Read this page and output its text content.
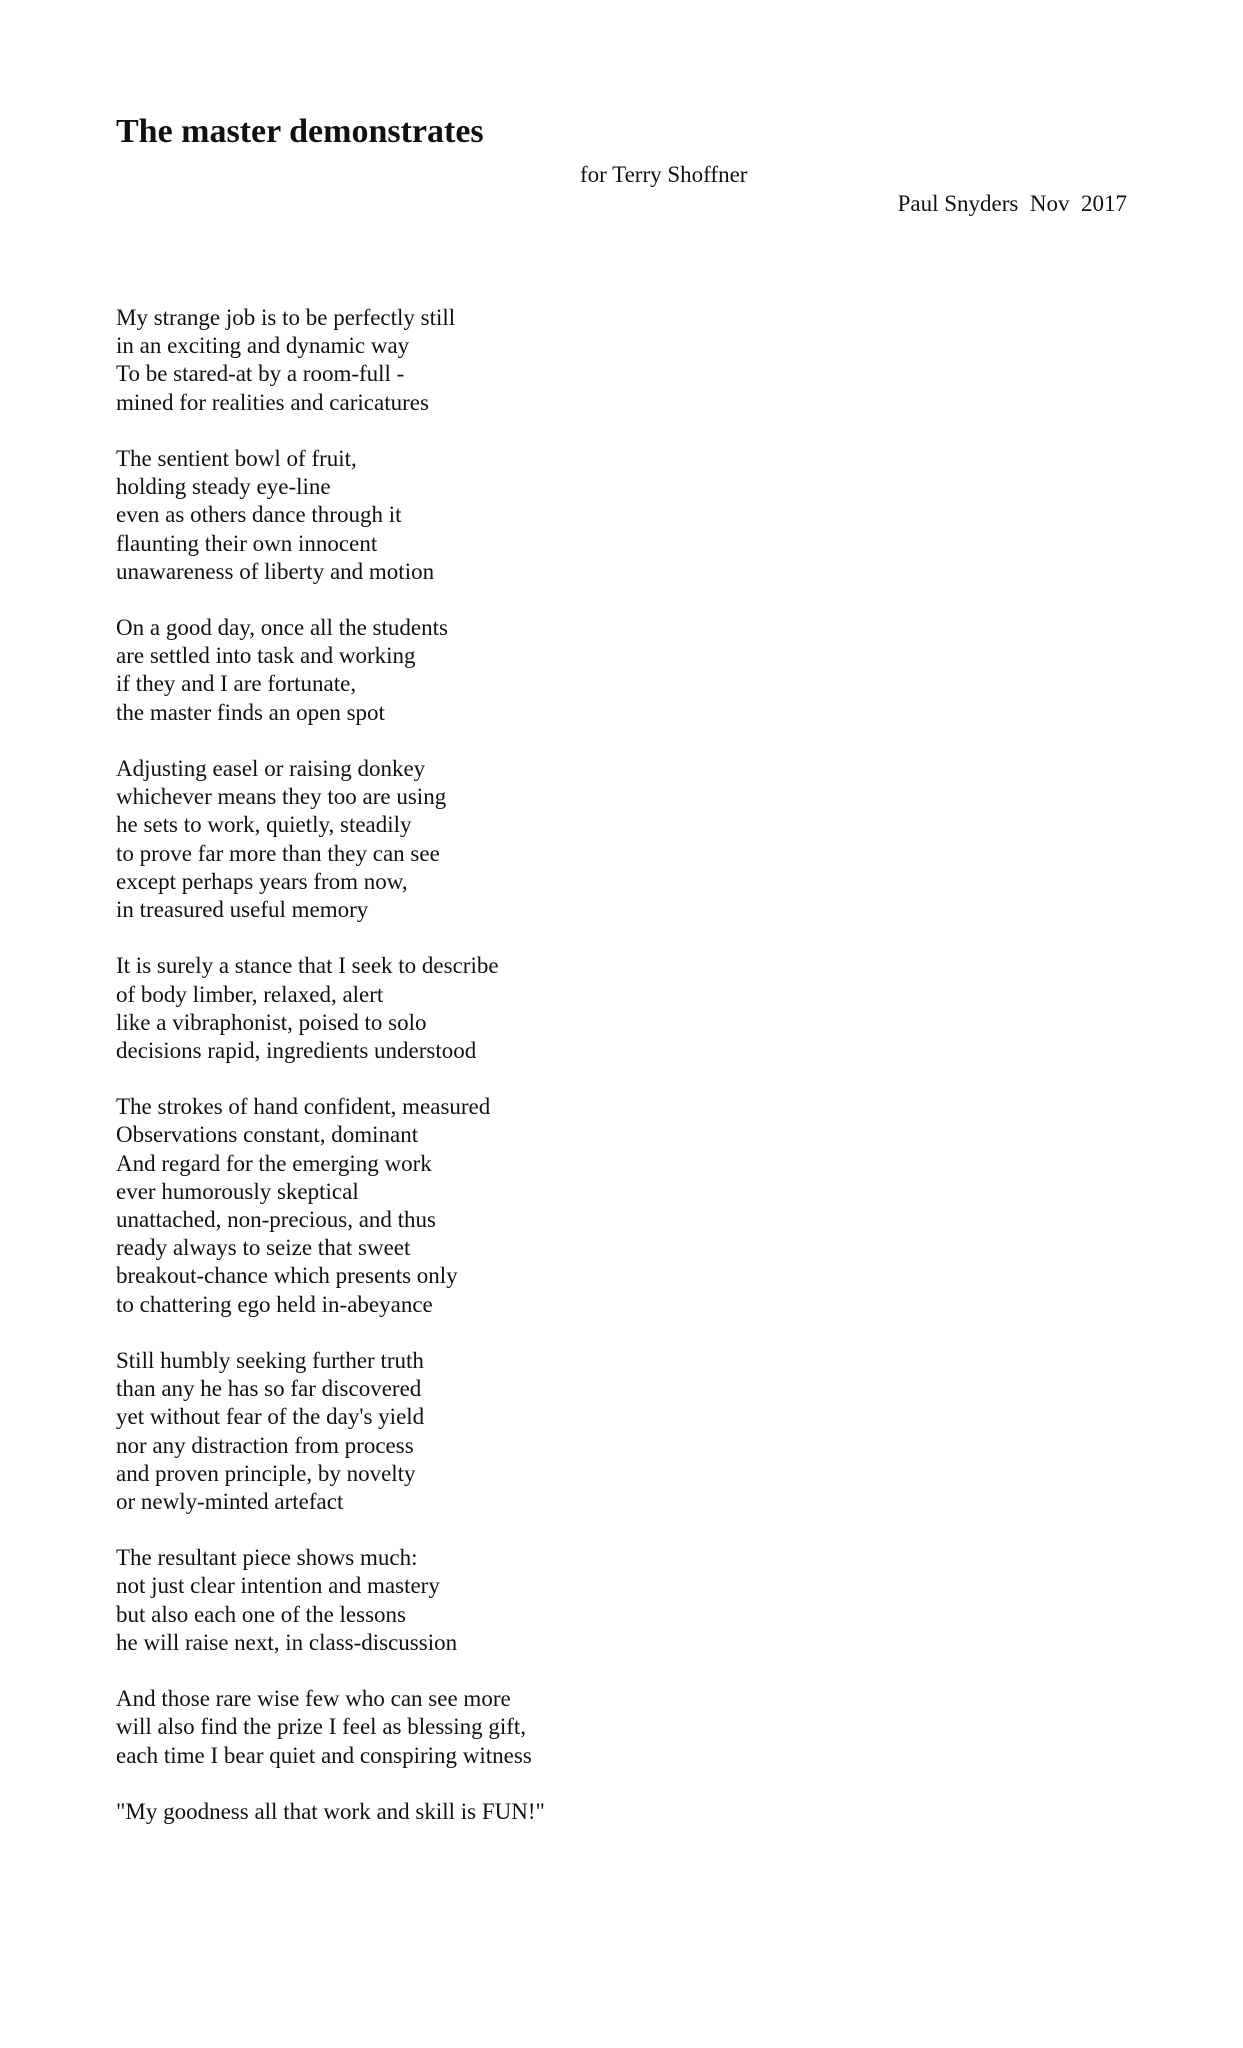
The master demonstrates
for Terry Shoffner
Paul Snyders  Nov  2017
My strange job is to be perfectly still
in an exciting and dynamic way
To be stared-at by a room-full -
mined for realities and caricatures
The sentient bowl of fruit,
holding steady eye-line
even as others dance through it
flaunting their own innocent
unawareness of liberty and motion
On a good day, once all the students
are settled into task and working
if they and I are fortunate,
the master finds an open spot
Adjusting easel or raising donkey
whichever means they too are using
he sets to work, quietly, steadily
to prove far more than they can see
except perhaps years from now,
in treasured useful memory
It is surely a stance that I seek to describe
of body limber, relaxed, alert
like a vibraphonist, poised to solo
decisions rapid, ingredients understood
The strokes of hand confident, measured
Observations constant, dominant
And regard for the emerging work
ever humorously skeptical
unattached, non-precious, and thus
ready always to seize that sweet
breakout-chance which presents only
to chattering ego held in-abeyance
Still humbly seeking further truth
than any he has so far discovered
yet without fear of the day's yield
nor any distraction from process
and proven principle, by novelty
or newly-minted artefact
The resultant piece shows much:
not just clear intention and mastery
but also each one of the lessons
he will raise next, in class-discussion
And those rare wise few who can see more
will also find the prize I feel as blessing gift,
each time I bear quiet and conspiring witness
"My goodness all that work and skill is FUN!"
